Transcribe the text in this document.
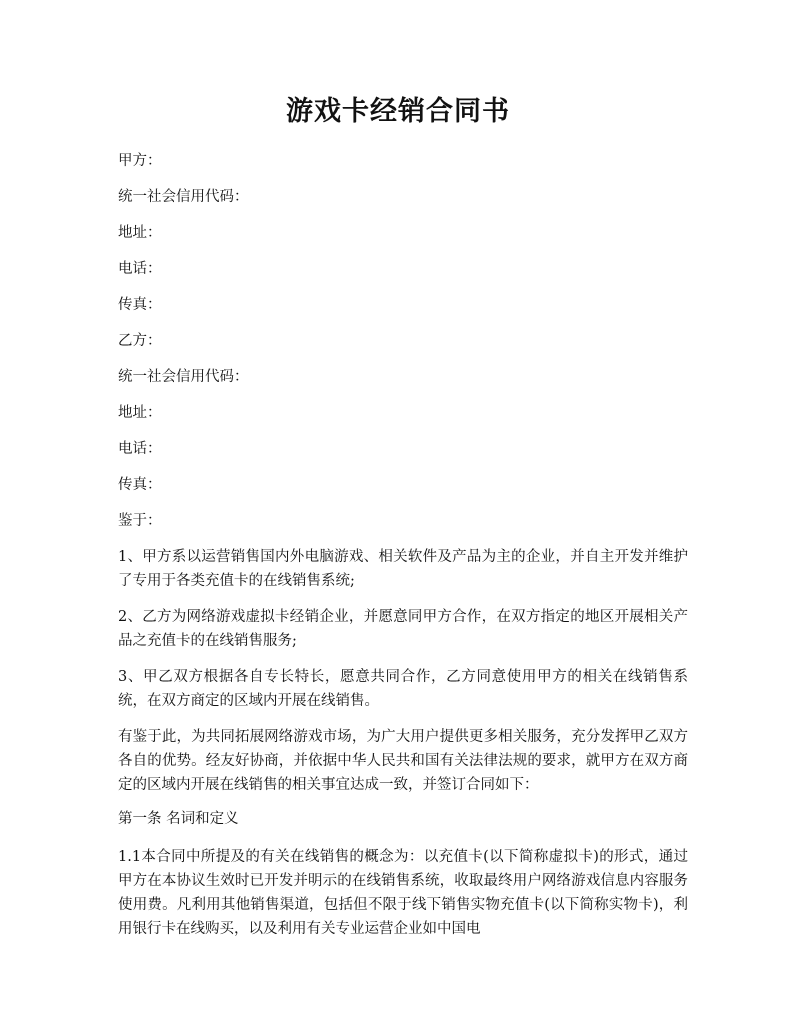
游戏卡经销合同书
甲方：
统一社会信用代码：
地址：
电话：
传真：
乙方：
统一社会信用代码：
地址：
电话：
传真：
鉴于：
1、甲方系以运营销售国内外电脑游戏、相关软件及产品为主的企业，并自主开发并维护了专用于各类充值卡的在线销售系统;
2、乙方为网络游戏虚拟卡经销企业，并愿意同甲方合作，在双方指定的地区开展相关产品之充值卡的在线销售服务;
3、甲乙双方根据各自专长特长，愿意共同合作，乙方同意使用甲方的相关在线销售系统，在双方商定的区域内开展在线销售。
有鉴于此，为共同拓展网络游戏市场，为广大用户提供更多相关服务，充分发挥甲乙双方各自的优势。经友好协商，并依据中华人民共和国有关法律法规的要求，就甲方在双方商定的区域内开展在线销售的相关事宜达成一致，并签订合同如下：
第一条 名词和定义
1.1本合同中所提及的有关在线销售的概念为：以充值卡(以下简称虚拟卡)的形式，通过甲方在本协议生效时已开发并明示的在线销售系统，收取最终用户网络游戏信息内容服务使用费。凡利用其他销售渠道，包括但不限于线下销售实物充值卡(以下简称实物卡)，利用银行卡在线购买，以及利用有关专业运营企业如中国电
